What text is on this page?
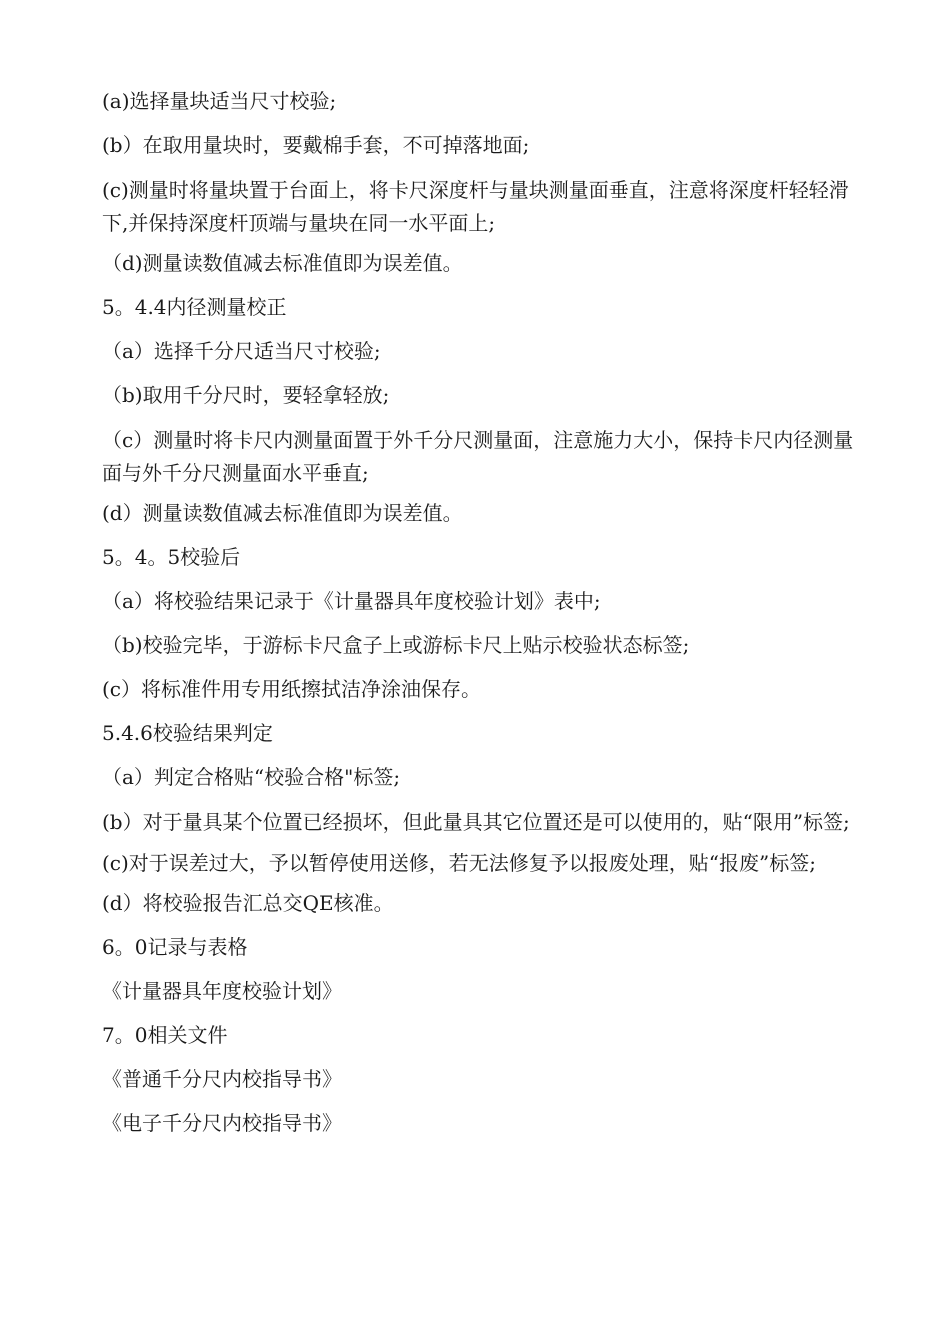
(a)选择量块适当尺寸校验;

(b）在取用量块时，要戴棉手套，不可掉落地面;

(c)测量时将量块置于台面上，将卡尺深度杆与量块测量面垂直，注意将深度杆轻轻滑下,并保持深度杆顶端与量块在同一水平面上;

（d)测量读数值减去标准值即为误差值。

5。4.4内径测量校正

（a）选择千分尺适当尺寸校验;

（b)取用千分尺时，要轻拿轻放;

（c）测量时将卡尺内测量面置于外千分尺测量面，注意施力大小，保持卡尺内径测量面与外千分尺测量面水平垂直;

(d）测量读数值减去标准值即为误差值。

5。4。5校验后

（a）将校验结果记录于《计量器具年度校验计划》表中;

（b)校验完毕，于游标卡尺盒子上或游标卡尺上贴示校验状态标签;

(c）将标准件用专用纸擦拭洁净涂油保存。

5.4.6校验结果判定

（a）判定合格贴“校验合格"标签;

(b）对于量具某个位置已经损坏，但此量具其它位置还是可以使用的，贴“限用”标签;

(c)对于误差过大，予以暂停使用送修，若无法修复予以报废处理，贴“报废”标签;

(d）将校验报告汇总交QE核准。

6。0记录与表格

《计量器具年度校验计划》

7。0相关文件

《普通千分尺内校指导书》

《电子千分尺内校指导书》
